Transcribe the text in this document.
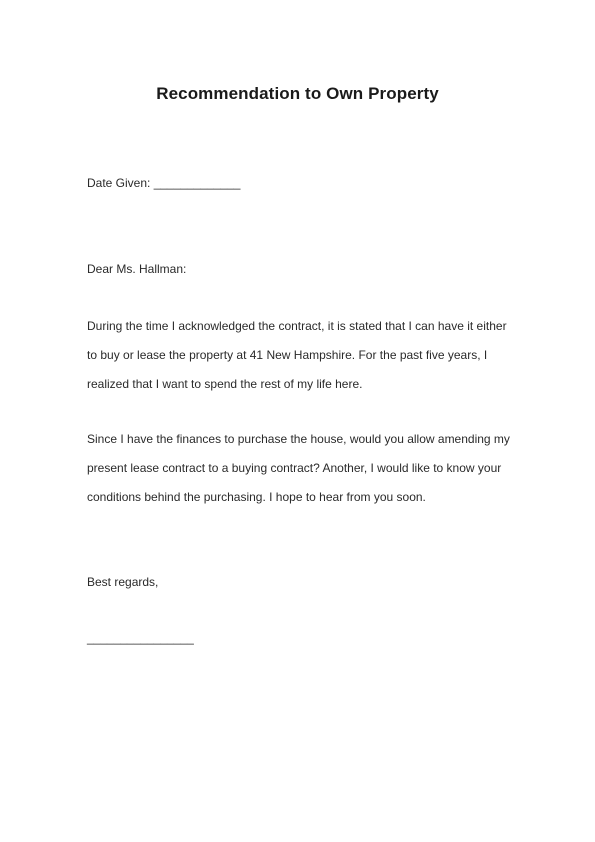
Recommendation to Own Property
Date Given: _____________
Dear Ms. Hallman:
During the time I acknowledged the contract, it is stated that I can have it either
to buy or lease the property at 41 New Hampshire. For the past five years, I
realized that I want to spend the rest of my life here.
Since I have the finances to purchase the house, would you allow amending my
present lease contract to a buying contract? Another, I would like to know your
conditions behind the purchasing. I hope to hear from you soon.
Best regards,
________________
